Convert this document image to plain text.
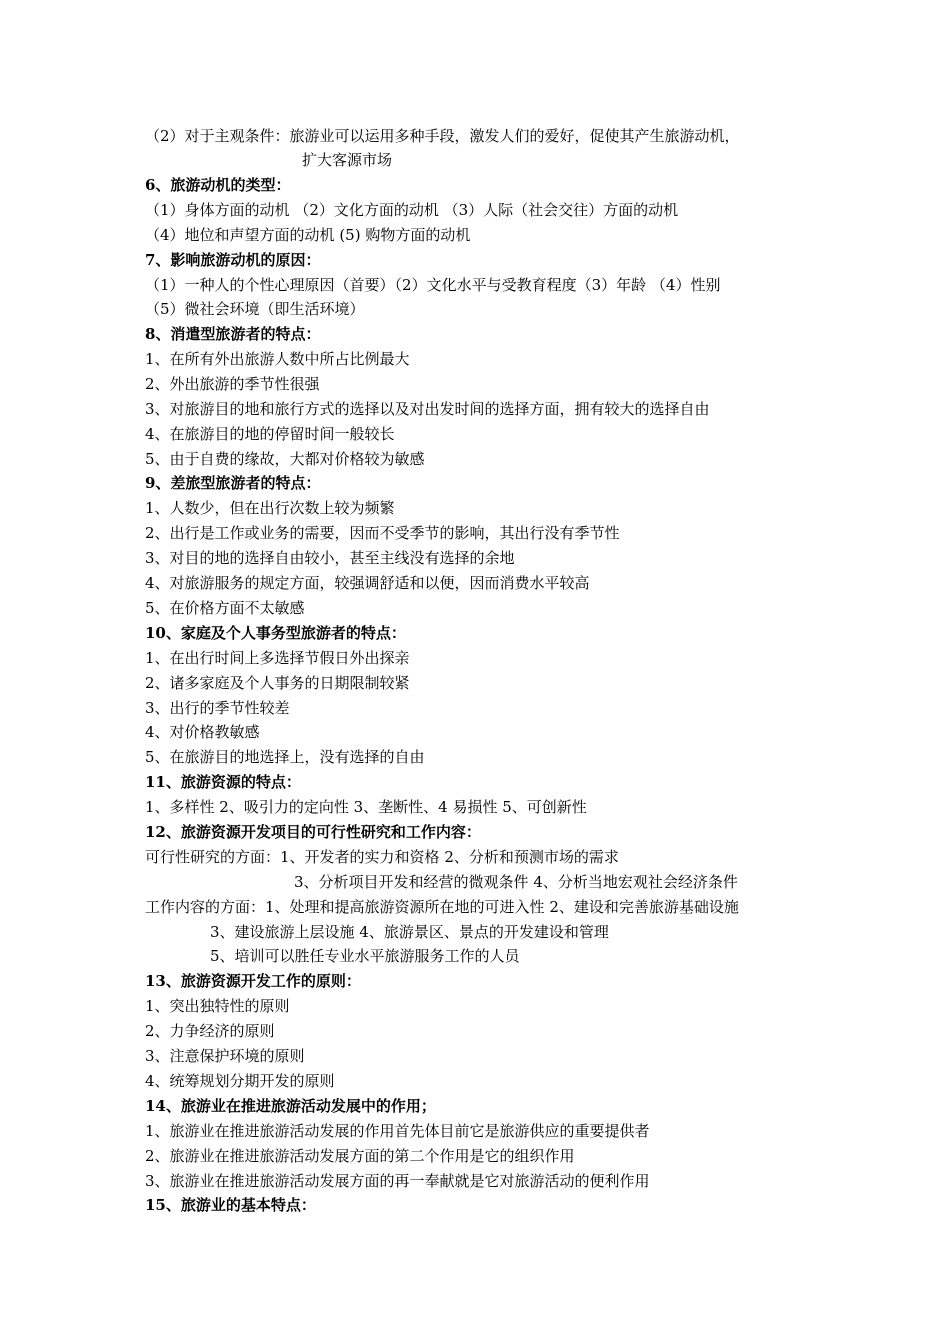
（2）对于主观条件：旅游业可以运用多种手段，激发人们的爱好，促使其产生旅游动机，
扩大客源市场
6、旅游动机的类型：
（1）身体方面的动机 （2）文化方面的动机 （3）人际（社会交往）方面的动机
（4）地位和声望方面的动机 (5) 购物方面的动机
7、影响旅游动机的原因：
（1）一种人的个性心理原因（首要）（2）文化水平与受教育程度（3）年龄 （4）性别
（5）微社会环境（即生活环境）
8、消遣型旅游者的特点：
1、在所有外出旅游人数中所占比例最大
2、外出旅游的季节性很强
3、对旅游目的地和旅行方式的选择以及对出发时间的选择方面，拥有较大的选择自由
4、在旅游目的地的停留时间一般较长
5、由于自费的缘故，大都对价格较为敏感
9、差旅型旅游者的特点：
1、人数少，但在出行次数上较为频繁
2、出行是工作或业务的需要，因而不受季节的影响，其出行没有季节性
3、对目的地的选择自由较小，甚至主线没有选择的余地
4、对旅游服务的规定方面，较强调舒适和以便，因而消费水平较高
5、在价格方面不太敏感
10、家庭及个人事务型旅游者的特点：
1、在出行时间上多选择节假日外出探亲
2、诸多家庭及个人事务的日期限制较紧
3、出行的季节性较差
4、对价格教敏感
5、在旅游目的地选择上，没有选择的自由
11、旅游资源的特点：
1、多样性 2、吸引力的定向性 3、垄断性、4 易损性 5、可创新性
12、旅游资源开发项目的可行性研究和工作内容：
可行性研究的方面：1、开发者的实力和资格 2、分析和预测市场的需求
3、分析项目开发和经营的微观条件 4、分析当地宏观社会经济条件
工作内容的方面：1、处理和提高旅游资源所在地的可进入性 2、建设和完善旅游基础设施
3、建设旅游上层设施 4、旅游景区、景点的开发建设和管理
5、培训可以胜任专业水平旅游服务工作的人员
13、旅游资源开发工作的原则：
1、突出独特性的原则
2、力争经济的原则
3、注意保护环境的原则
4、统筹规划分期开发的原则
14、旅游业在推进旅游活动发展中的作用；
1、旅游业在推进旅游活动发展的作用首先体目前它是旅游供应的重要提供者
2、旅游业在推进旅游活动发展方面的第二个作用是它的组织作用
3、旅游业在推进旅游活动发展方面的再一奉献就是它对旅游活动的便利作用
15、旅游业的基本特点：
